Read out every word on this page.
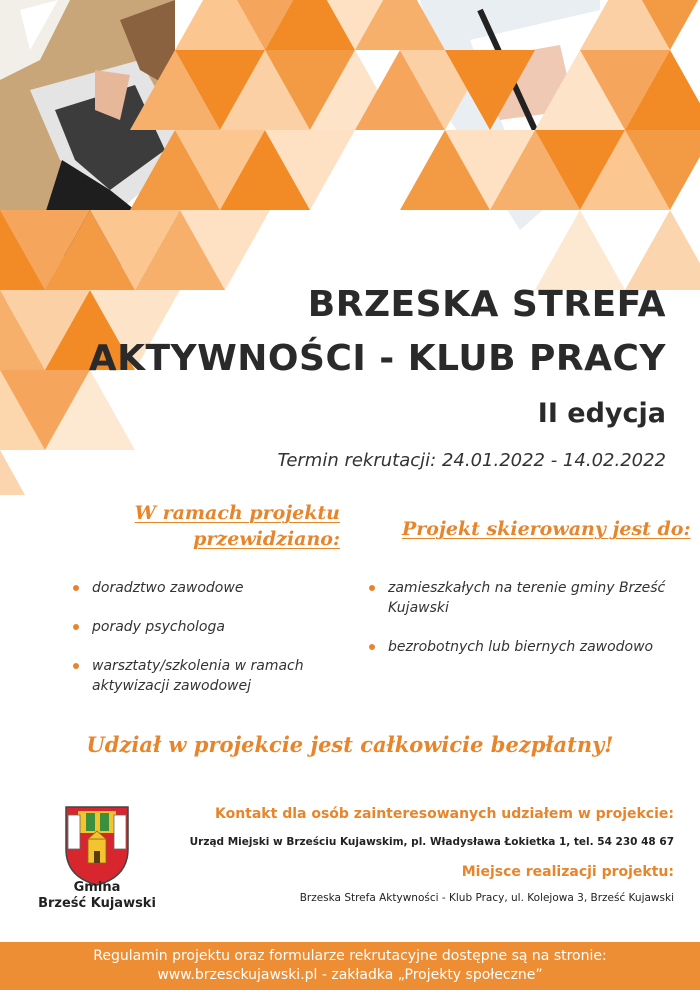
BRZESKA STREFA
AKTYWNOŚCI - KLUB PRACY
II edycja
Termin rekrutacji: 24.01.2022 - 14.02.2022
W ramach projektu przewidziano:	Projekt skierowany jest do:
doradztwo zawodowe
porady psychologa
warsztaty/szkolenia w ramach aktywizacji zawodowej
zamieszkałych na terenie gminy Brześć Kujawski
bezrobotnych lub biernych zawodowo
Udział w projekcie jest całkowicie bezpłatny!
Gmina
Brześć Kujawski
Kontakt dla osób zainteresowanych udziałem w projekcie:
Urząd Miejski w Brześciu Kujawskim, pl. Władysława Łokietka 1, tel. 54 230 48 67
Miejsce realizacji projektu:
Brzeska Strefa Aktywności - Klub Pracy, ul. Kolejowa 3, Brześć Kujawski
Regulamin projektu oraz formularze rekrutacyjne dostępne są na stronie:
www.brzesckujawski.pl - zakładka „Projekty społeczne”
